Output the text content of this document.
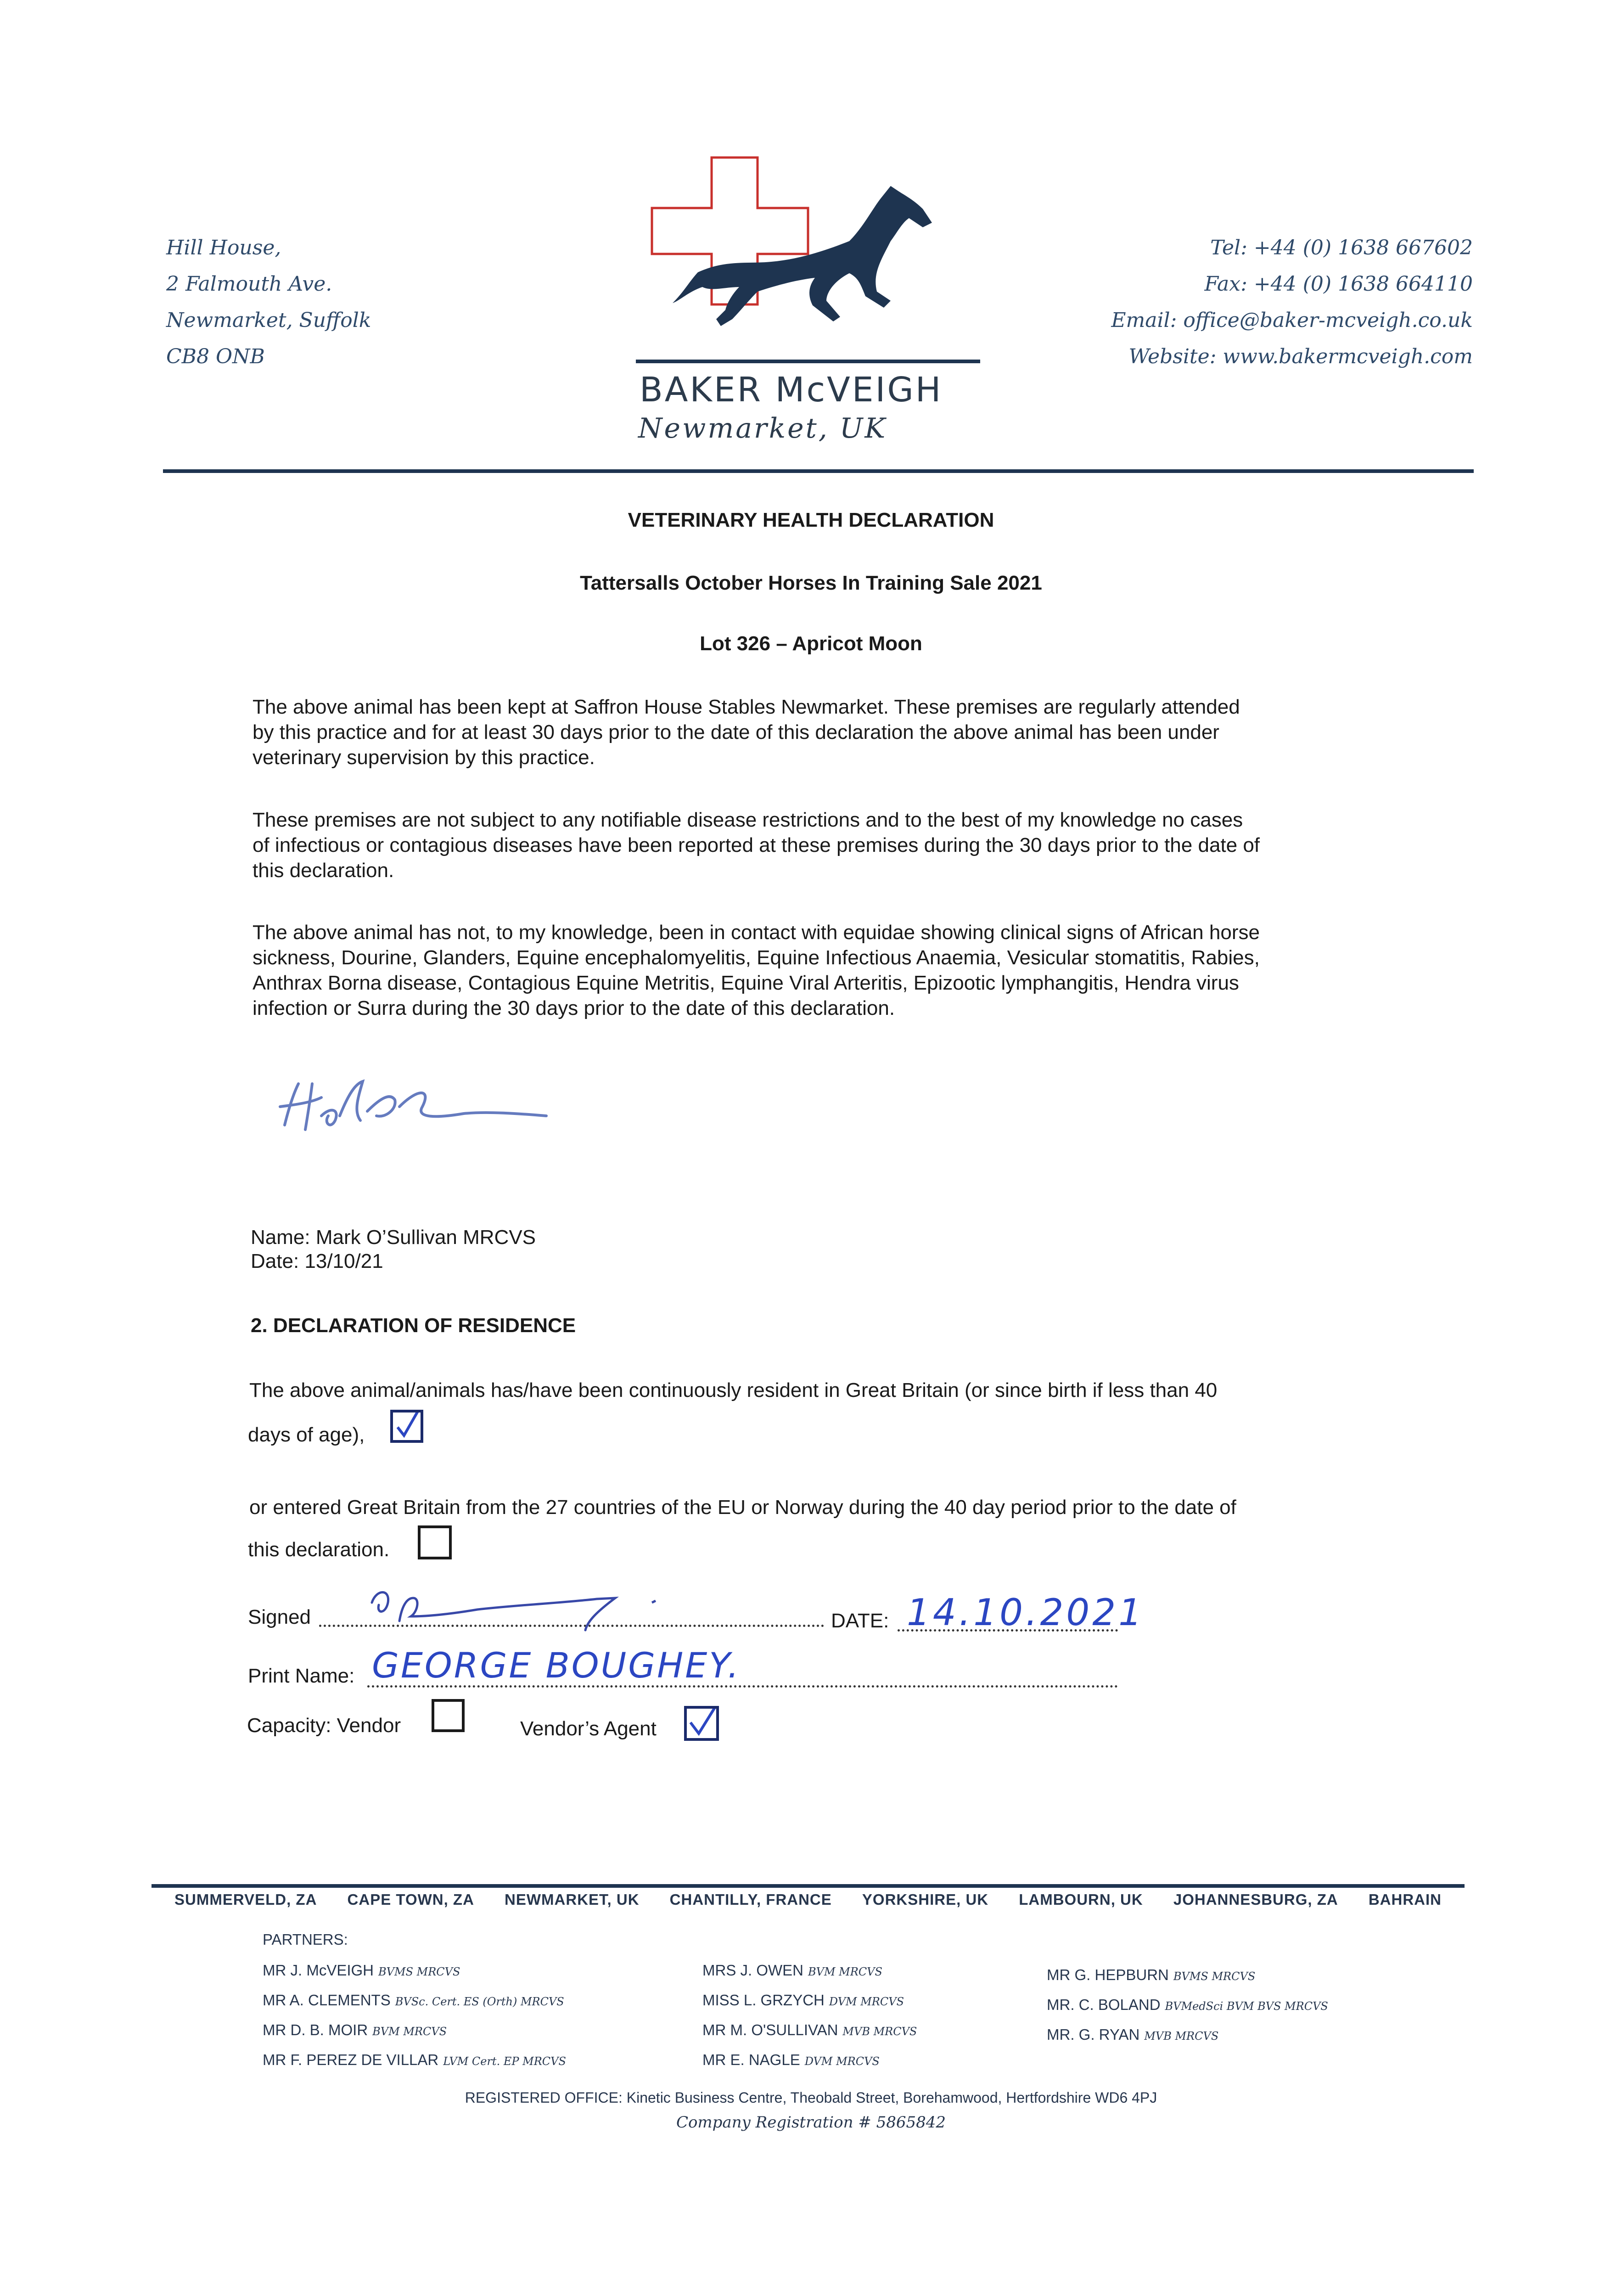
Hill House,
2 Falmouth Ave.
Newmarket, Suffolk
CB8 ONB
BAKER McVEIGH
Newmarket, UK
Tel: +44 (0) 1638 667602
Fax: +44 (0) 1638 664110
Email: office@baker-mcveigh.co.uk
Website: www.bakermcveigh.com
VETERINARY HEALTH DECLARATION
Tattersalls October Horses In Training Sale 2021
Lot 326 – Apricot Moon
The above animal has been kept at Saffron House Stables Newmarket. These premises are regularly attended
by this practice and for at least 30 days prior to the date of this declaration the above animal has been under
veterinary supervision by this practice.
These premises are not subject to any notifiable disease restrictions and to the best of my knowledge no cases
of infectious or contagious diseases have been reported at these premises during the 30 days prior to the date of
this declaration.
The above animal has not, to my knowledge, been in contact with equidae showing clinical signs of African horse
sickness, Dourine, Glanders, Equine encephalomyelitis, Equine Infectious Anaemia, Vesicular stomatitis, Rabies,
Anthrax Borna disease, Contagious Equine Metritis, Equine Viral Arteritis, Epizootic lymphangitis, Hendra virus
infection or Surra during the 30 days prior to the date of this declaration.
Name: Mark O’Sullivan MRCVS
Date: 13/10/21
2. DECLARATION OF RESIDENCE
The above animal/animals has/have been continuously resident in Great Britain (or since birth if less than 40
days of age),
or entered Great Britain from the 27 countries of the EU or Norway during the 40 day period prior to the date of
this declaration.
Signed	DATE: 14.10.2021
Print Name: GEORGE BOUGHEY.
Capacity: Vendor	Vendor’s Agent
SUMMERVELD, ZA CAPE TOWN, ZA NEWMARKET, UK CHANTILLY, FRANCE YORKSHIRE, UK LAMBOURN, UK JOHANNESBURG, ZA BAHRAIN
PARTNERS:
MR J. McVEIGH BVMS MRCVS
MR A. CLEMENTS BVSc. Cert. ES (Orth) MRCVS
MR D. B. MOIR BVM MRCVS
MR F. PEREZ DE VILLAR LVM Cert. EP MRCVS
MRS J. OWEN BVM MRCVS
MISS L. GRZYCH DVM MRCVS
MR M. O'SULLIVAN MVB MRCVS
MR E. NAGLE DVM MRCVS
MR G. HEPBURN BVMS MRCVS
MR. C. BOLAND BVMedSci BVM BVS MRCVS
MR. G. RYAN MVB MRCVS
REGISTERED OFFICE: Kinetic Business Centre, Theobald Street, Borehamwood, Hertfordshire WD6 4PJ
Company Registration # 5865842
